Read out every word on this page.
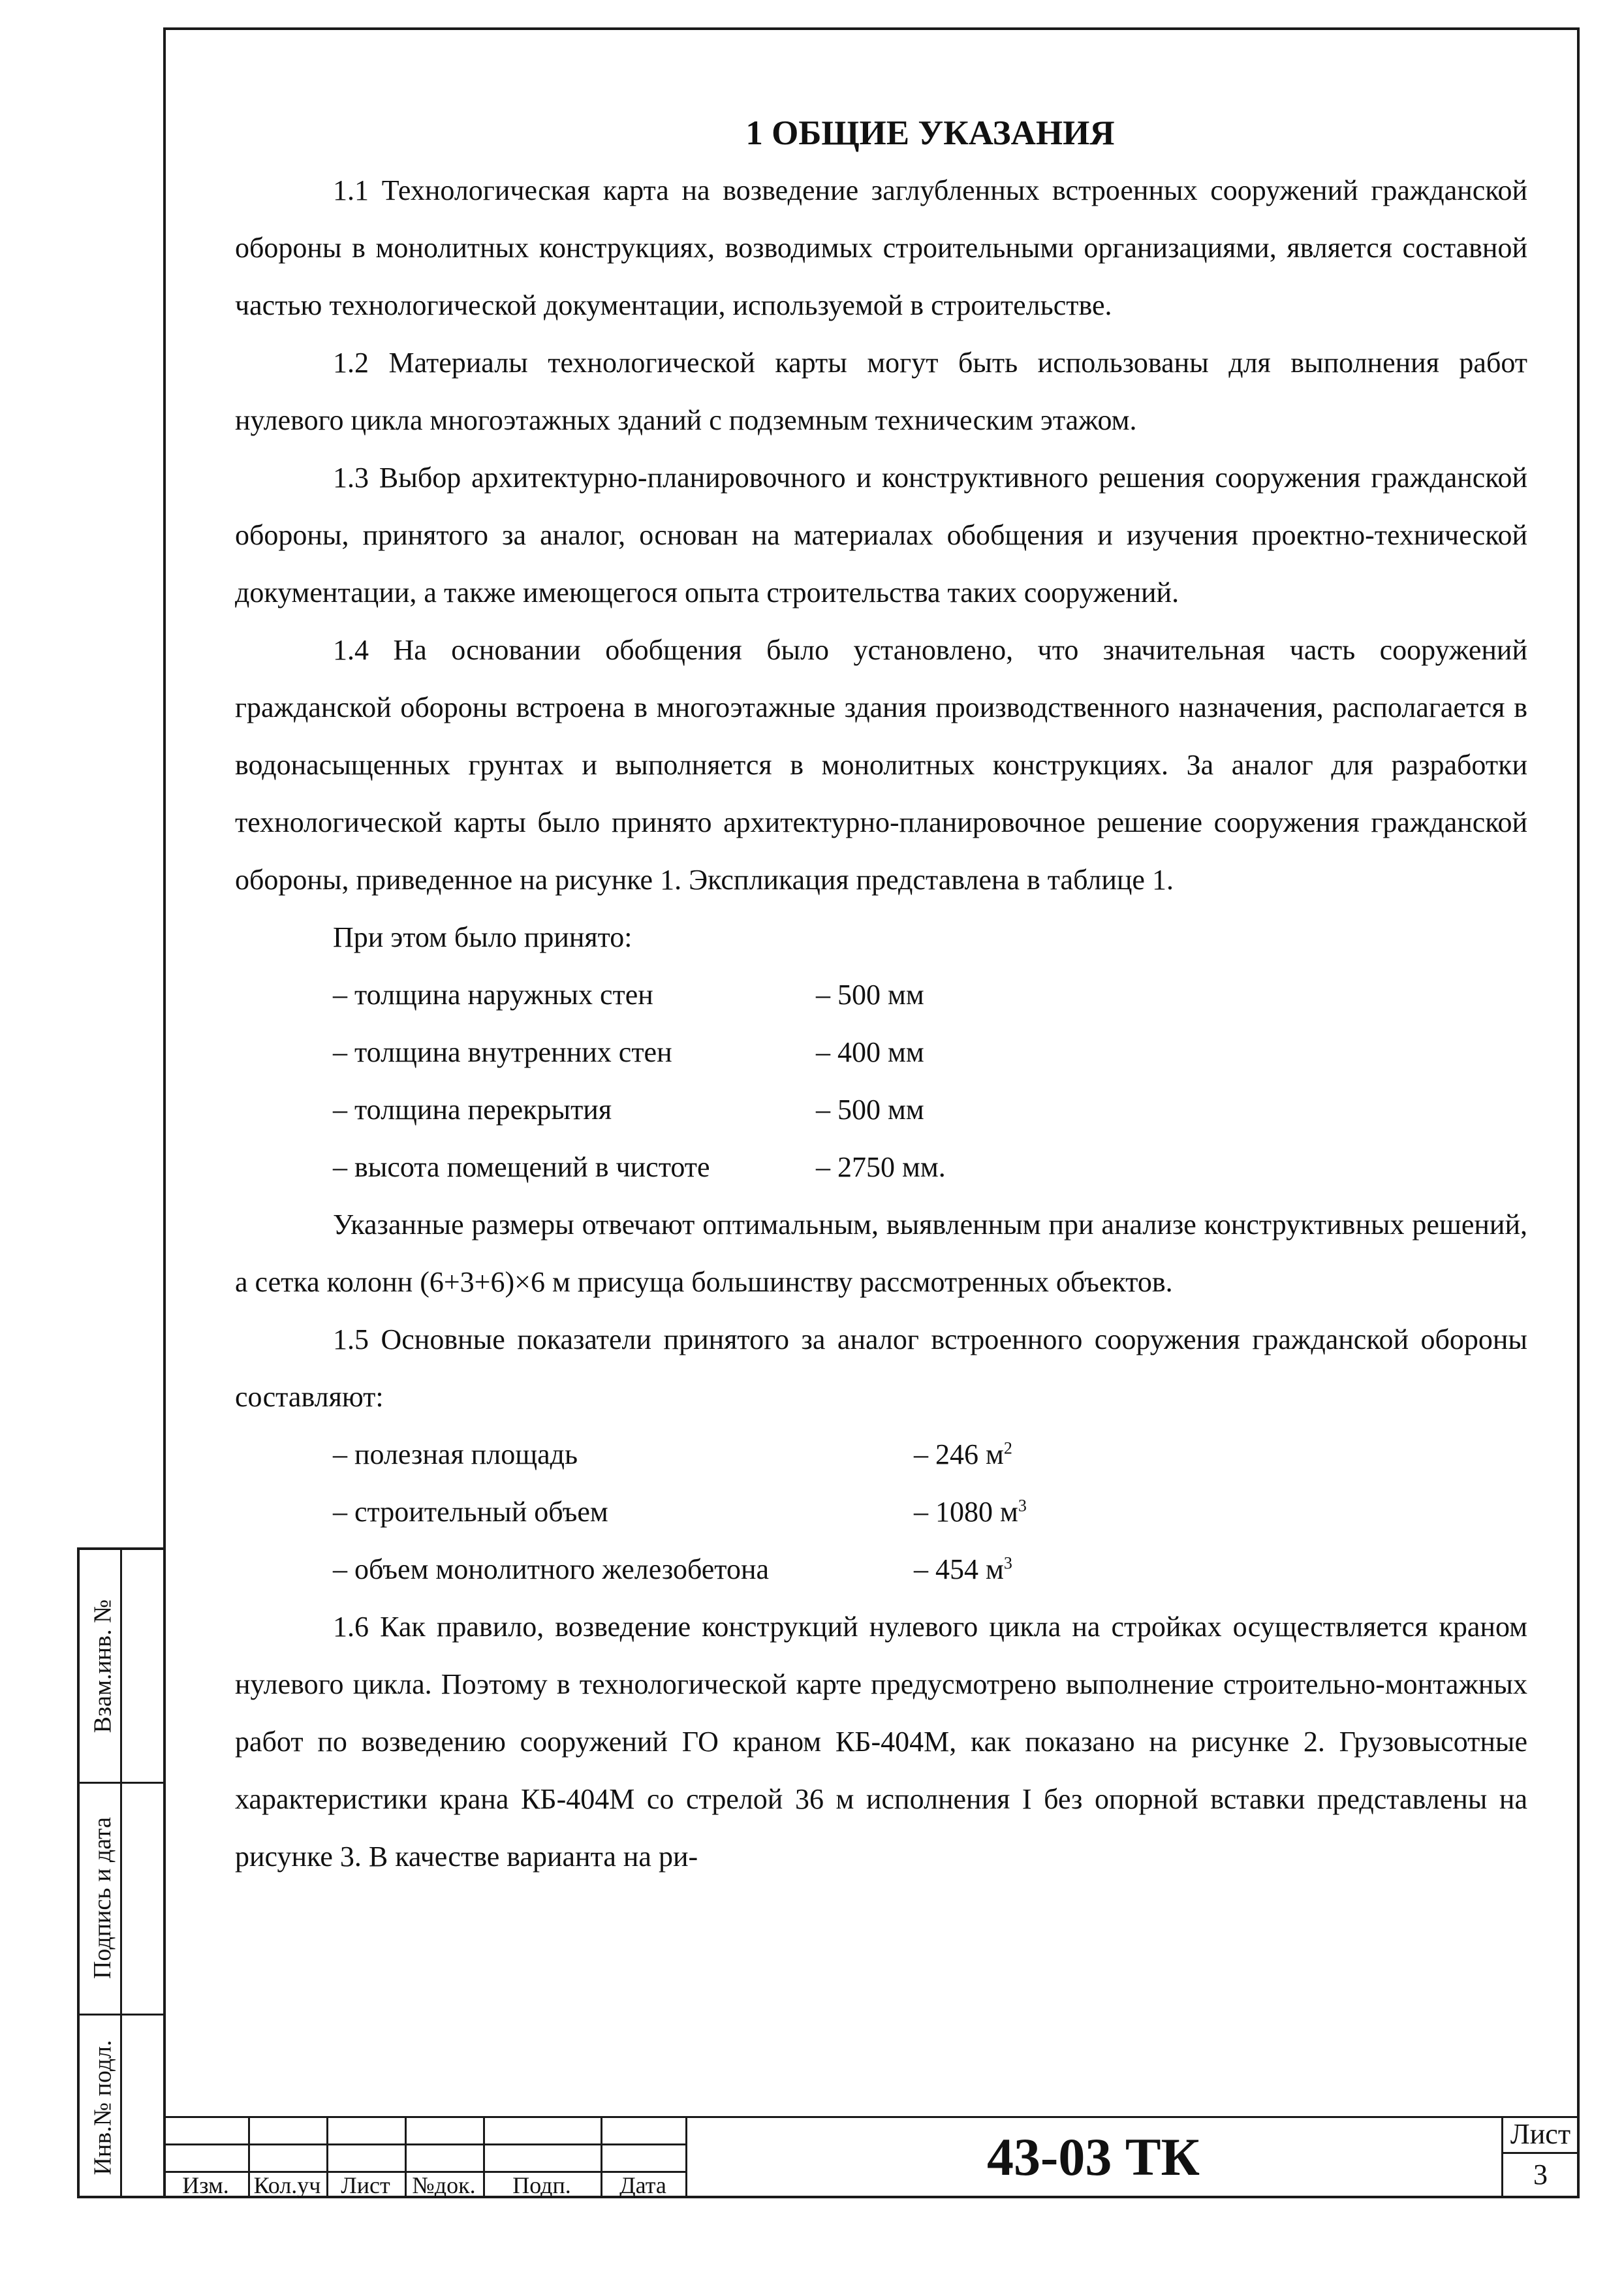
Взам.инв. №
Подпись и дата
Инв.№ подл.
1 ОБЩИЕ УКАЗАНИЯ

1.1 Технологическая карта на возведение заглубленных встроенных сооружений гражданской обороны в монолитных конструкциях, возводимых строительными организациями, является составной частью технологической документации, используемой в строительстве.

1.2 Материалы технологической карты могут быть использованы для выполнения работ нулевого цикла многоэтажных зданий с подземным техническим этажом.

1.3 Выбор архитектурно-планировочного и конструктивного решения сооружения гражданской обороны, принятого за аналог, основан на материалах обобщения и изучения проектно-технической документации, а также имеющегося опыта строительства таких сооружений.

1.4 На основании обобщения было установлено, что значительная часть сооружений гражданской обороны встроена в многоэтажные здания производственного назначения, располагается в водонасыщенных грунтах и выполняется в монолитных конструкциях. За аналог для разработки технологической карты было принято архитектурно-планировочное решение сооружения гражданской обороны, приведенное на рисунке 1. Экспликация представлена в таблице 1.

При этом было принято:

– толщина наружных стен	– 500 мм
– толщина внутренних стен	– 400 мм
– толщина перекрытия	– 500 мм
– высота помещений в чистоте	– 2750 мм.

Указанные размеры отвечают оптимальным, выявленным при анализе конструктивных решений, а сетка колонн (6+3+6)×6 м присуща большинству рассмотренных объектов.

1.5 Основные показатели принятого за аналог встроенного сооружения гражданской обороны составляют:

– полезная площадь	– 246 $м^2$
– строительный объем	– 1080 $м^3$
– объем монолитного железобетона	– 454 $м^3$

1.6 Как правило, возведение конструкций нулевого цикла на стройках осуществляется краном нулевого цикла. Поэтому в технологической карте предусмотрено выполнение строительно-монтажных работ по возведению сооружений ГО краном КБ-404М, как показано на рисунке 2. Грузовысотные характеристики крана КБ-404М со стрелой 36 м исполнения I без опорной вставки представлены на рисунке 3. В качестве варианта на ри-

Изм.	Кол.уч Лист №док.	Подп.	Дата	43-03 ТК	Лист
3
